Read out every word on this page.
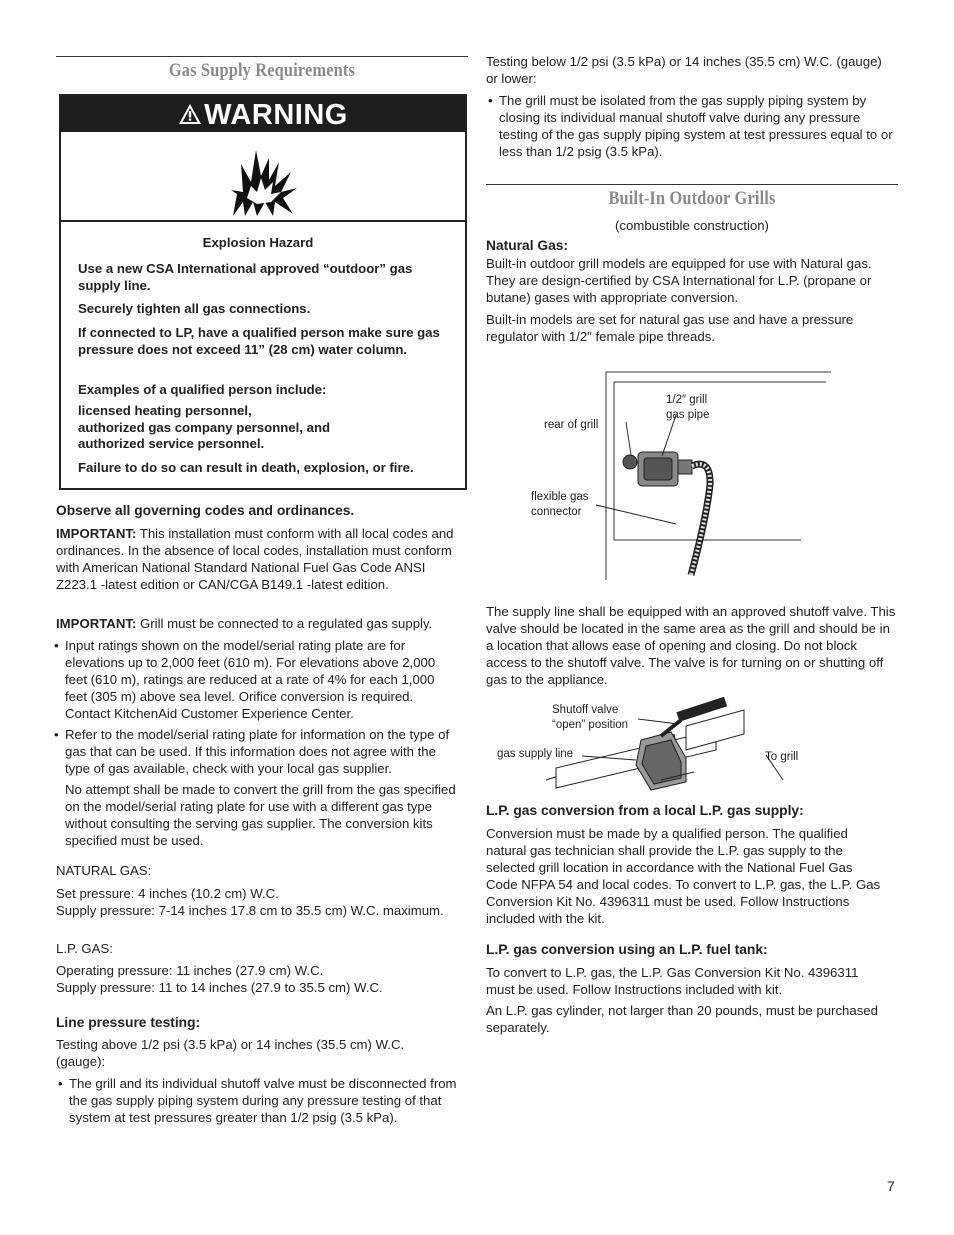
Gas Supply Requirements
WARNING
Explosion Hazard
Use a new CSA International approved “outdoor” gas supply line.
Securely tighten all gas connections.
If connected to LP, have a qualified person make sure gas pressure does not exceed 11” (28 cm) water column.
Examples of a qualified person include:
licensed heating personnel,
authorized gas company personnel, and
authorized service personnel.
Failure to do so can result in death, explosion, or fire.
Observe all governing codes and ordinances.

IMPORTANT: This installation must conform with all local codes and ordinances. In the absence of local codes, installation must conform with American National Standard National Fuel Gas Code ANSI Z223.1 -latest edition or CAN/CGA B149.1 -latest edition.

IMPORTANT: Grill must be connected to a regulated gas supply.

• Input ratings shown on the model/serial rating plate are for elevations up to 2,000 feet (610 m). For elevations above 2,000 feet (610 m), ratings are reduced at a rate of 4% for each 1,000 feet (305 m) above sea level. Orifice conversion is required. Contact KitchenAid Customer Experience Center.
• Refer to the model/serial rating plate for information on the type of gas that can be used. If this information does not agree with the type of gas available, check with your local gas supplier.

No attempt shall be made to convert the grill from the gas specified on the model/serial rating plate for use with a different gas type without consulting the serving gas supplier. The conversion kits specified must be used.

NATURAL GAS:

Set pressure: 4 inches (10.2 cm) W.C.

Supply pressure: 7-14 inches 17.8 cm to 35.5 cm) W.C. maximum.

L.P. GAS:

Operating pressure: 11 inches (27.9 cm) W.C.

Supply pressure: 11 to 14 inches (27.9 to 35.5 cm) W.C.

Line pressure testing:

Testing above 1/2 psi (3.5 kPa) or 14 inches (35.5 cm) W.C. (gauge):

• The grill and its individual shutoff valve must be disconnected from the gas supply piping system during any pressure testing of that system at test pressures greater than 1/2 psig (3.5 kPa).

Testing below 1/2 psi (3.5 kPa) or 14 inches (35.5 cm) W.C. (gauge) or lower:

• The grill must be isolated from the gas supply piping system by closing its individual manual shutoff valve during any pressure testing of the gas supply piping system at test pressures equal to or less than 1/2 psig (3.5 kPa).
Built-In Outdoor Grills

(combustible construction)

Natural Gas:

Built-in outdoor grill models are equipped for use with Natural gas. They are design-certified by CSA International for L.P. (propane or butane) gases with appropriate conversion.

Built-in models are set for natural gas use and have a pressure regulator with 1/2″ female pipe threads.

1/2″ grill
gas pipe
rear of grill
flexible gas
connector

The supply line shall be equipped with an approved shutoff valve. This valve should be located in the same area as the grill and should be in a location that allows ease of opening and closing. Do not block access to the shutoff valve. The valve is for turning on or shutting off gas to the appliance.

Shutoff valve
“open” position
gas supply line	To grill
L.P. gas conversion from a local L.P. gas supply:

Conversion must be made by a qualified person. The qualified natural gas technician shall provide the L.P. gas supply to the selected grill location in accordance with the National Fuel Gas Code NFPA 54 and local codes. To convert to L.P. gas, the L.P. Gas Conversion Kit No. 4396311 must be used. Follow Instructions included with the kit.

L.P. gas conversion using an L.P. fuel tank:

To convert to L.P. gas, the L.P. Gas Conversion Kit No. 4396311 must be used. Follow Instructions included with kit.

An L.P. gas cylinder, not larger than 20 pounds, must be purchased separately.

7
